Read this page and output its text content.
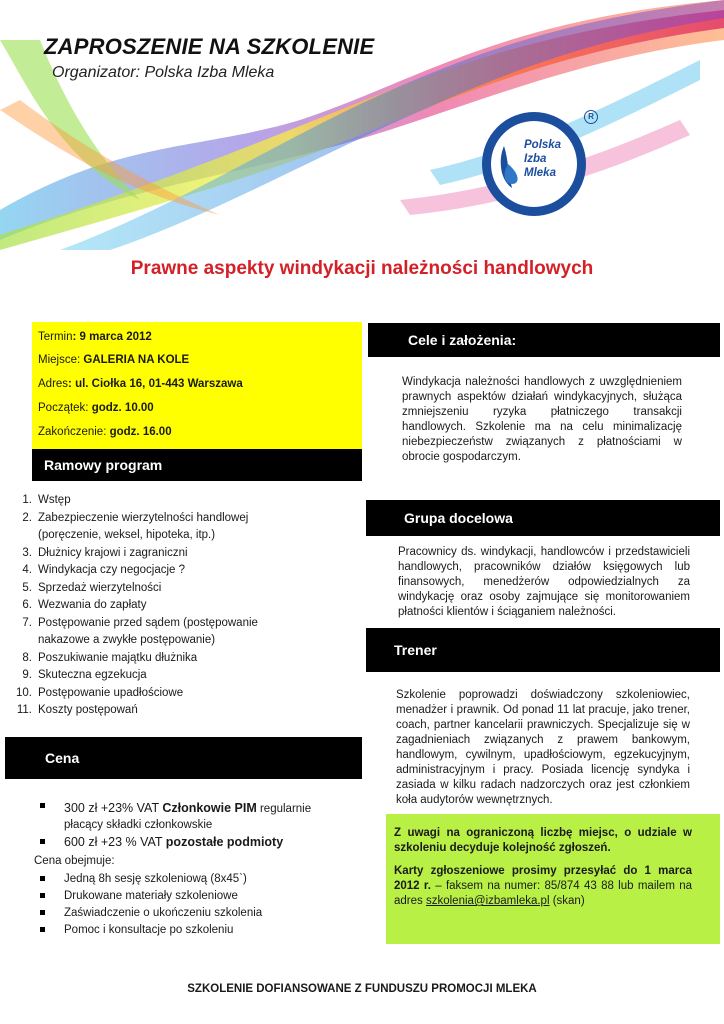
ZAPROSZENIE NA SZKOLENIE
Organizator: Polska Izba Mleka
Polska
Izba
Mleka
R
Prawne aspekty windykacji należności handlowych
Termin: 9 marca 2012
Miejsce: GALERIA NA KOLE
Adres: ul. Ciołka 16, 01-443 Warszawa
Początek: godz. 10.00
Zakończenie: godz. 16.00
Ramowy program
1. Wstęp
2. Zabezpieczenie wierzytelności handlowej
(poręczenie, weksel, hipoteka, itp.)
3. Dłużnicy krajowi i zagraniczni
4. Windykacja czy negocjacje ?
5. Sprzedaż wierzytelności
6. Wezwania do zapłaty
7. Postępowanie przed sądem (postępowanie
nakazowe a zwykłe postępowanie)
8. Poszukiwanie majątku dłużnika
9. Skuteczna egzekucja
10. Postępowanie upadłościowe
11. Koszty postępowań
Cena
300 zł +23% VAT Członkowie PIM regularnie
płacący składki członkowskie
600 zł +23 % VAT pozostałe podmioty
Cena obejmuje:
Jedną 8h sesję szkoleniową (8x45`)
Drukowane materiały szkoleniowe
Zaświadczenie o ukończeniu szkolenia
Pomoc i konsultacje po szkoleniu
Cele i założenia:
Windykacja należności handlowych z uwzględnieniem prawnych aspektów działań windykacyjnych, służąca zmniejszeniu ryzyka płatniczego transakcji handlowych. Szkolenie ma na celu minimalizację niebezpieczeństw związanych z płatnościami w obrocie gospodarczym.
Grupa docelowa
Pracownicy ds. windykacji, handlowców i przedstawicieli handlowych, pracowników działów księgowych lub finansowych, menedżerów odpowiedzialnych za windykację oraz osoby zajmujące się monitorowaniem płatności klientów i ściąganiem należności.
Trener
Szkolenie poprowadzi doświadczony szkoleniowiec, menadżer i prawnik. Od ponad 11 lat pracuje, jako trener, coach, partner kancelarii prawniczych. Specjalizuje się w zagadnieniach związanych z prawem bankowym, handlowym, cywilnym, upadłościowym, egzekucyjnym, administracyjnym i pracy. Posiada licencję syndyka i zasiada w kilku radach nadzorczych oraz jest członkiem koła audytorów wewnętrznych.
Z uwagi na ograniczoną liczbę miejsc, o udziale w szkoleniu decyduje kolejność zgłoszeń.
Karty zgłoszeniowe prosimy przesyłać do 1 marca 2012 r. – faksem na numer: 85/874 43 88 lub mailem na adres szkolenia@izbamleka.pl (skan)
SZKOLENIE DOFIANSOWANE Z FUNDUSZU PROMOCJI MLEKA
